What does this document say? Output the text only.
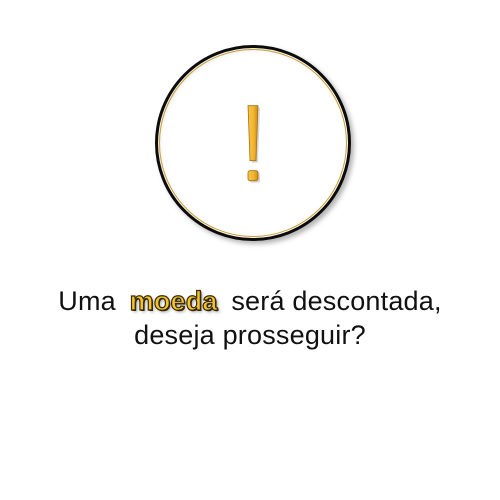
Uma moeda será descontada,
deseja prosseguir?
